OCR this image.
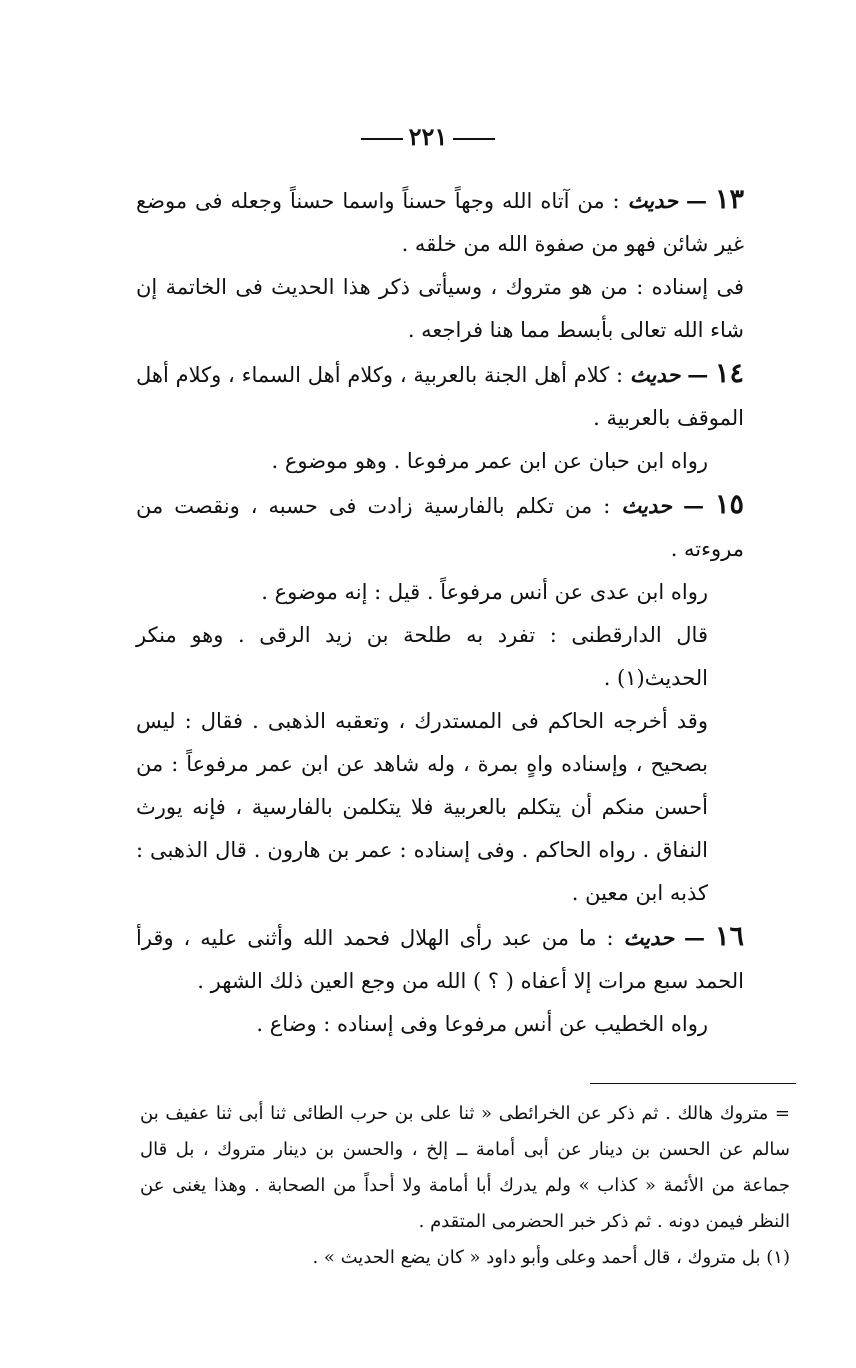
٢٢١

١٣ — حديث : من آتاه الله وجهاً حسناً واسما حسناً وجعله فى موضع غير شائن فهو من صفوة الله من خلقه .

فى إسناده : من هو متروك ، وسيأتى ذكر هذا الحديث فى الخاتمة إن شاء الله تعالى بأبسط مما هنا فراجعه .

١٤ — حديث : كلام أهل الجنة بالعربية ، وكلام أهل السماء ، وكلام أهل الموقف بالعربية .

رواه ابن حبان عن ابن عمر مرفوعا . وهو موضوع .

١٥ — حديث : من تكلم بالفارسية زادت فى حسبه ، ونقصت من مروءته .

رواه ابن عدى عن أنس مرفوعاً . قيل : إنه موضوع .

قال الدارقطنى : تفرد به طلحة بن زيد الرقى . وهو منكر الحديث(١) .

وقد أخرجه الحاكم فى المستدرك ، وتعقبه الذهبى . فقال : ليس بصحيح ، وإسناده واهٍ بمرة ، وله شاهد عن ابن عمر مرفوعاً : من أحسن منكم أن يتكلم بالعربية فلا يتكلمن بالفارسية ، فإنه يورث النفاق . رواه الحاكم . وفى إسناده : عمر بن هارون . قال الذهبى : كذبه ابن معين .

١٦ — حديث : ما من عبد رأى الهلال فحمد الله وأثنى عليه ، وقرأ الحمد سبع مرات إلا أعفاه ( ؟ ) الله من وجع العين ذلك الشهر .

رواه الخطيب عن أنس مرفوعا وفى إسناده : وضاع .

= متروك هالك . ثم ذكر عن الخرائطى « ثنا على بن حرب الطائى ثنا أبى ثنا عفيف بن سالم عن الحسن بن دينار عن أبى أمامة ــ إلخ ، والحسن بن دينار متروك ، بل قال جماعة من الأئمة « كذاب » ولم يدرك أبا أمامة ولا أحداً من الصحابة . وهذا يغنى عن النظر فيمن دونه . ثم ذكر خبر الحضرمى المتقدم .

(١) بل متروك ، قال أحمد وعلى وأبو داود « كان يضع الحديث » .
